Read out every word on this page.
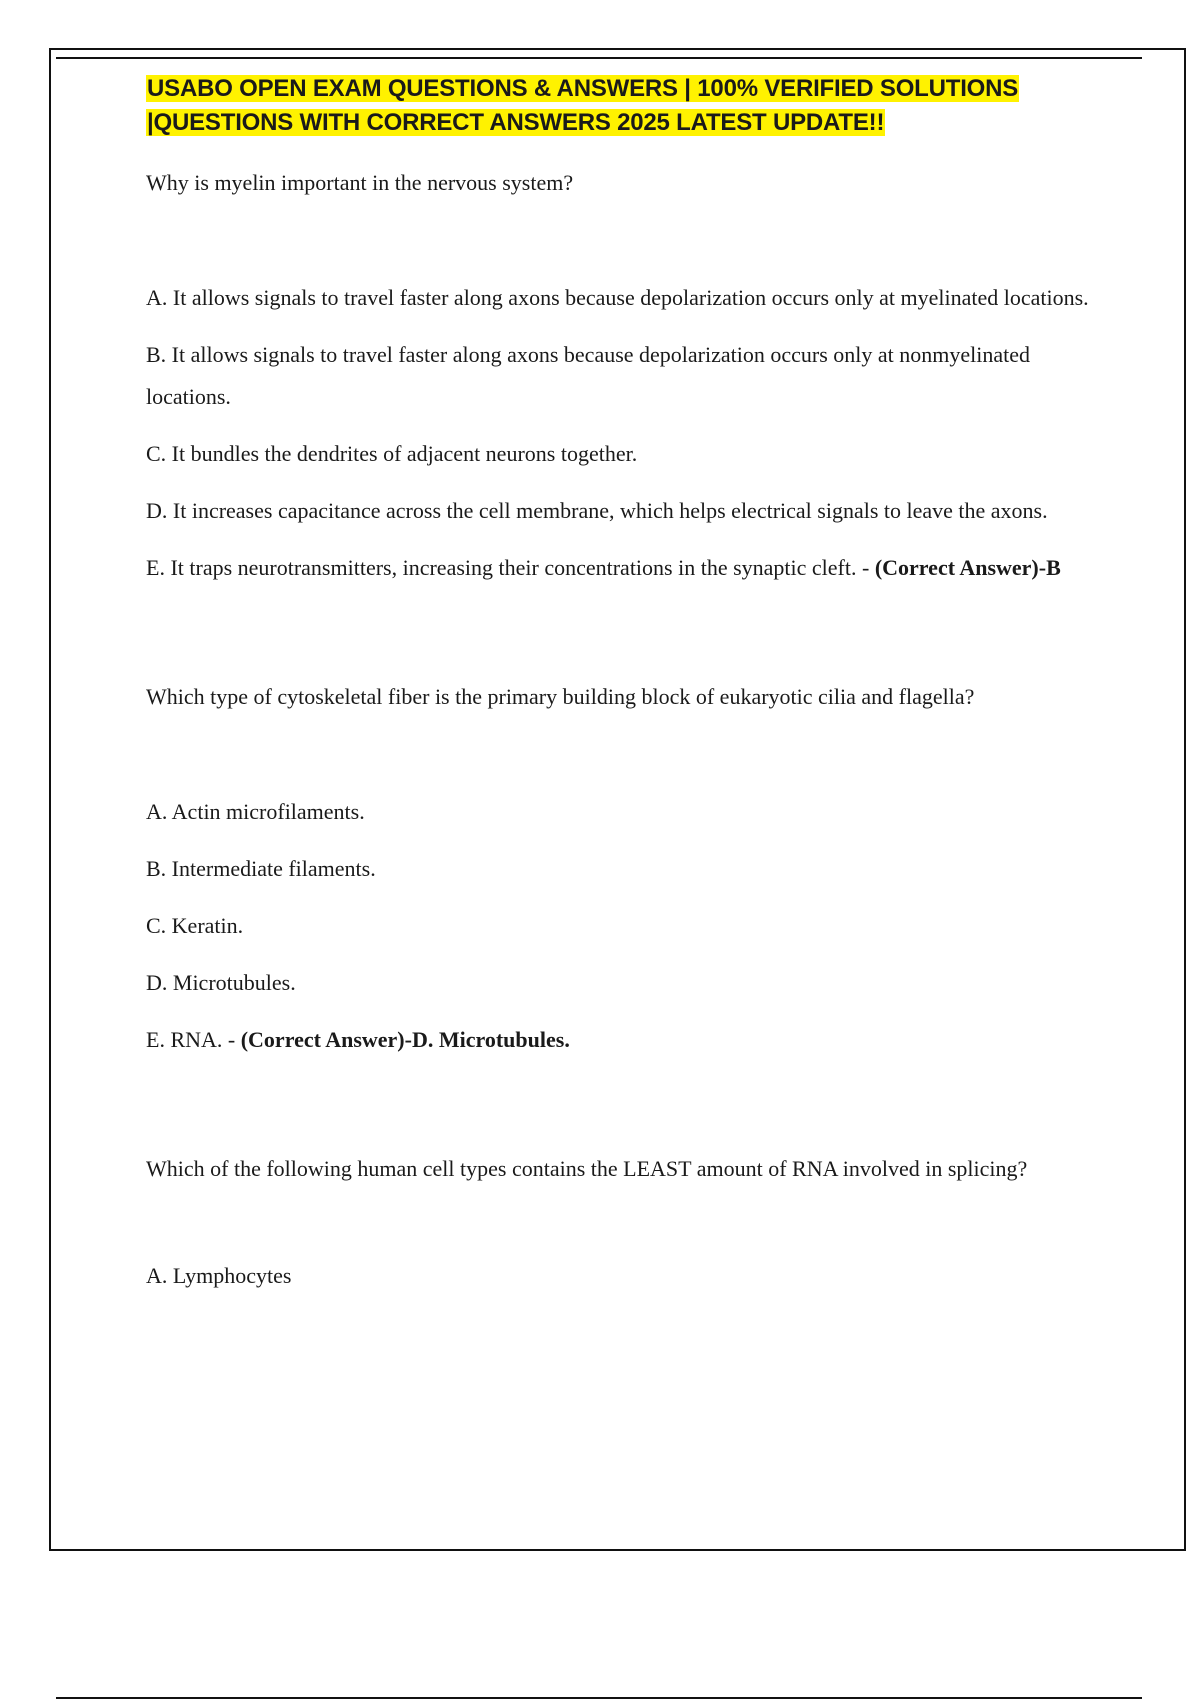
USABO OPEN EXAM QUESTIONS & ANSWERS | 100% VERIFIED SOLUTIONS
|QUESTIONS WITH CORRECT ANSWERS 2025 LATEST UPDATE!!

Why is myelin important in the nervous system?

A. It allows signals to travel faster along axons because depolarization occurs only at myelinated locations.

B. It allows signals to travel faster along axons because depolarization occurs only at nonmyelinated locations.

C. It bundles the dendrites of adjacent neurons together.

D. It increases capacitance across the cell membrane, which helps electrical signals to leave the axons.

E. It traps neurotransmitters, increasing their concentrations in the synaptic cleft. - (Correct Answer)-B

Which type of cytoskeletal fiber is the primary building block of eukaryotic cilia and flagella?

A. Actin microfilaments.

B. Intermediate filaments.

C. Keratin.

D. Microtubules.

E. RNA. - (Correct Answer)-D. Microtubules.

Which of the following human cell types contains the LEAST amount of RNA involved in splicing?

A. Lymphocytes
